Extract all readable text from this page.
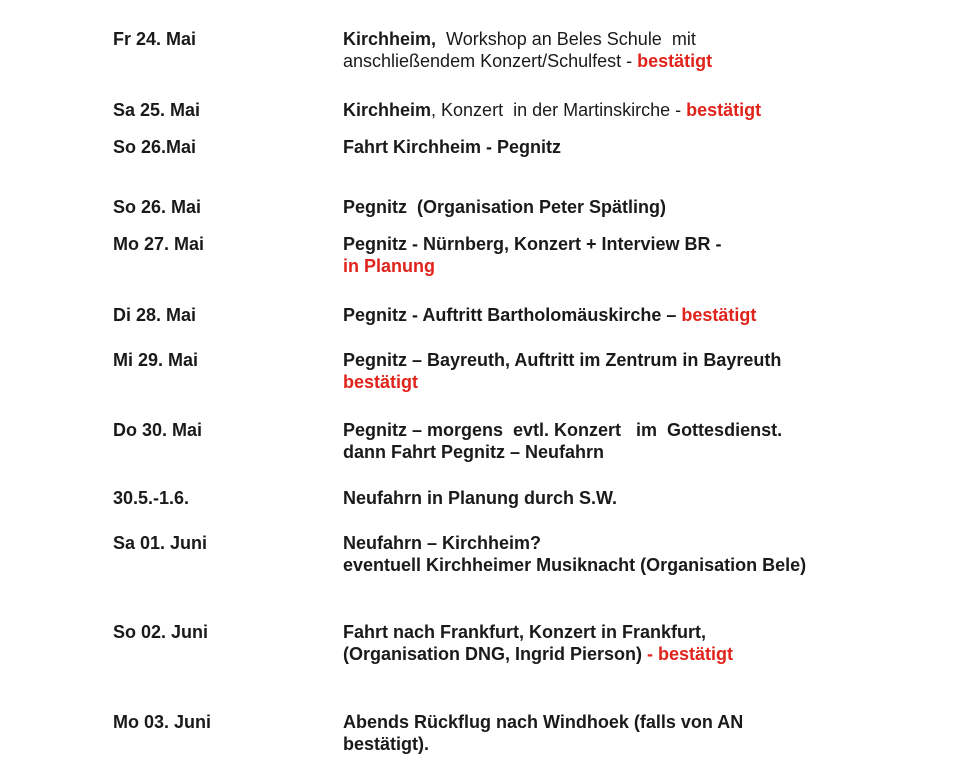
Fr 24. Mai	Kirchheim,  Workshop an Beles Schule  mit
anschließendem Konzert/Schulfest - bestätigt
Sa 25. Mai	Kirchheim, Konzert  in der Martinskirche - bestätigt
So 26.Mai	Fahrt Kirchheim - Pegnitz
So 26. Mai	Pegnitz  (Organisation Peter Spätling)
Mo 27. Mai	Pegnitz - Nürnberg, Konzert + Interview BR -
in Planung
Di 28. Mai	Pegnitz - Auftritt Bartholomäuskirche – bestätigt
Mi 29. Mai	Pegnitz – Bayreuth, Auftritt im Zentrum in Bayreuth
bestätigt
Do 30. Mai	Pegnitz – morgens  evtl. Konzert   im  Gottesdienst.
dann Fahrt Pegnitz – Neufahrn
30.5.-1.6.	Neufahrn in Planung durch S.W.
Sa 01. Juni	Neufahrn – Kirchheim?
eventuell Kirchheimer Musiknacht (Organisation Bele)
So 02. Juni	Fahrt nach Frankfurt, Konzert in Frankfurt,
(Organisation DNG, Ingrid Pierson) - bestätigt
Mo 03. Juni	Abends Rückflug nach Windhoek (falls von AN
bestätigt).
